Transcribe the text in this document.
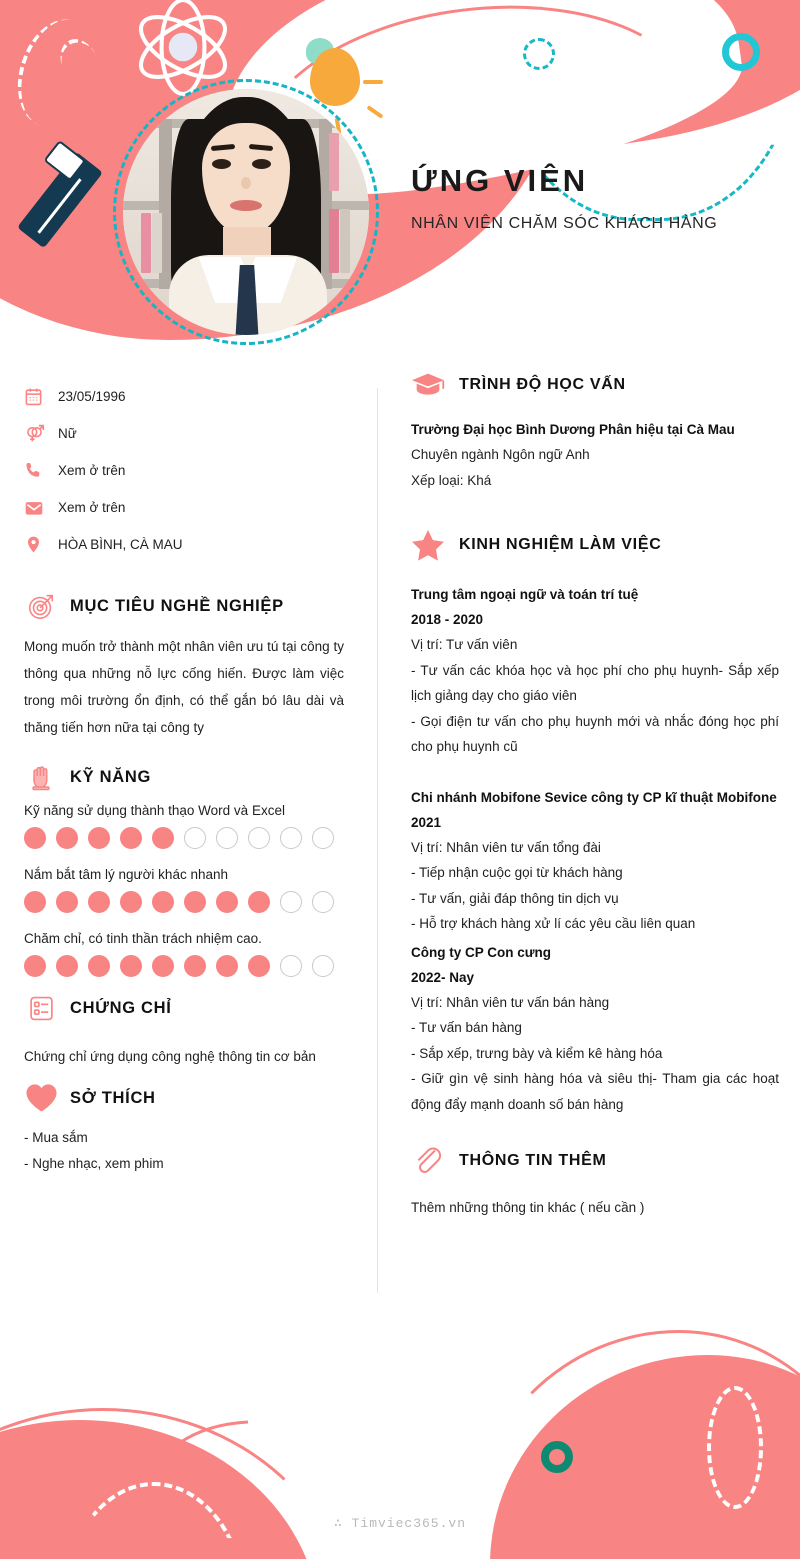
ỨNG VIÊN

NHÂN VIÊN CHĂM SÓC KHÁCH HÀNG

23/05/1996
Nữ
Xem ở trên
Xem ở trên
HÒA BÌNH, CÀ MAU
MỤC TIÊU NGHỀ NGHIỆP

Mong muốn trở thành một nhân viên ưu tú tại công ty thông qua những nỗ lực cống hiến. Được làm việc trong môi trường ổn định, có thể gắn bó lâu dài và thăng tiến hơn nữa tại công ty

KỸ NĂNG

Kỹ năng sử dụng thành thạo Word và Excel

Nắm bắt tâm lý người khác nhanh

Chăm chỉ, có tinh thần trách nhiệm cao.

CHỨNG CHỈ

Chứng chỉ ứng dụng công nghệ thông tin cơ bản

SỞ THÍCH

- Mua sắm

- Nghe nhạc, xem phim

TRÌNH ĐỘ HỌC VẤN

Trường Đại học Bình Dương Phân hiệu tại Cà Mau

Chuyên ngành Ngôn ngữ Anh

Xếp loại: Khá

KINH NGHIỆM LÀM VIỆC

Trung tâm ngoại ngữ và toán trí tuệ

2018 - 2020

Vị trí: Tư vấn viên

- Tư vấn các khóa học và học phí cho phụ huynh- Sắp xếp lịch giảng dạy cho giáo viên

- Gọi điện tư vấn cho phụ huynh mới và nhắc đóng học phí cho phụ huynh cũ

Chi nhánh Mobifone Sevice công ty CP kĩ thuật Mobifone

2021

Vị trí: Nhân viên tư vấn tổng đài

- Tiếp nhận cuộc gọi từ khách hàng

- Tư vấn, giải đáp thông tin dịch vụ

- Hỗ trợ khách hàng xử lí các yêu cầu liên quan

Công ty CP Con cưng

2022- Nay

Vị trí: Nhân viên tư vấn bán hàng

- Tư vấn bán hàng

- Sắp xếp, trưng bày và kiểm kê hàng hóa

- Giữ gìn vệ sinh hàng hóa và siêu thị- Tham gia các hoạt động đẩy mạnh doanh số bán hàng

THÔNG TIN THÊM

Thêm những thông tin khác ( nếu cần )

∴ Timviec365.vn
